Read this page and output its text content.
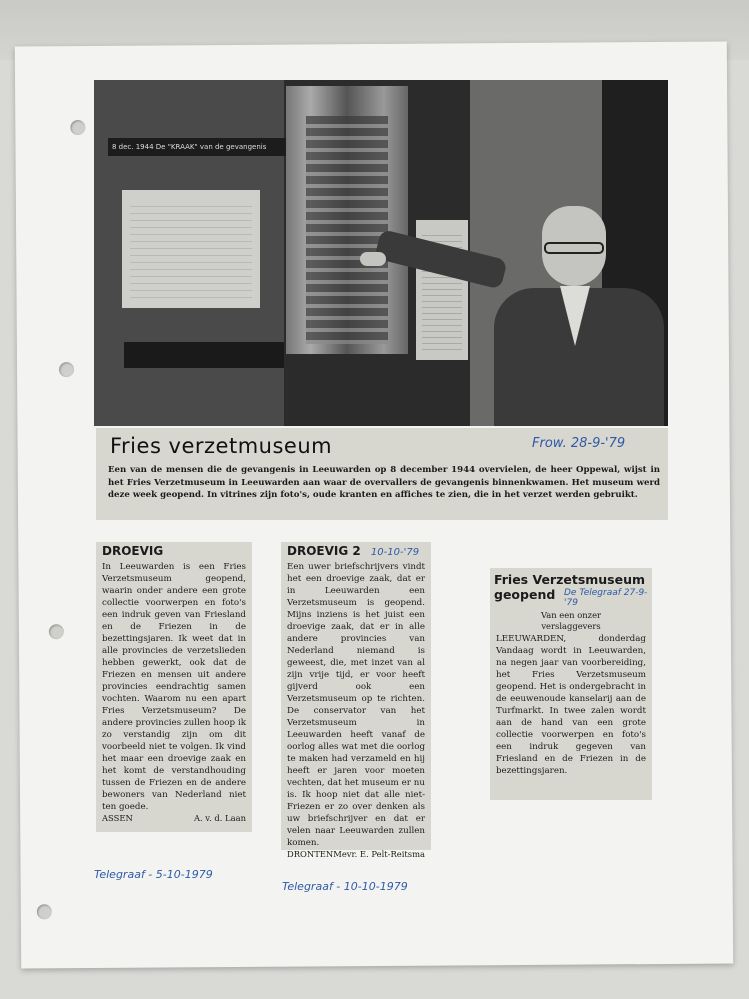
8 dec. 1944 De "KRAAK" van de gevangenis
Fries verzetmuseum	Frow. 28-9-'79
Een van de mensen die de gevangenis in Leeuwarden op 8 december 1944 overvielen, de heer Oppewal, wijst in het Fries Verzetmuseum in Leeuwarden aan waar de overvallers de gevangenis binnenkwamen. Het museum werd deze week geopend. In vitrines zijn foto's, oude kranten en affiches te zien, die in het verzet werden gebruikt.
DROEVIG
In Leeuwarden is een Fries Verzetsmuseum geopend, waarin onder andere een grote collectie voorwerpen en foto's een indruk geven van Friesland en de Friezen in de bezettingsjaren. Ik weet dat in alle provincies de verzetslieden hebben gewerkt, ook dat de Friezen en mensen uit andere provincies eendrachtig samen vochten. Waarom nu een apart Fries Verzetsmuseum? De andere provincies zullen hoop ik zo verstandig zijn om dit voorbeeld niet te volgen. Ik vind het maar een droevige zaak en het komt de verstandhouding tussen de Friezen en de andere bewoners van Nederland niet ten goede.
ASSEN	A. v. d. Laan
Telegraaf - 5-10-1979
DROEVIG 2 10-10-'79
Een uwer briefschrijvers vindt het een droevige zaak, dat er in Leeuwarden een Verzetsmuseum is geopend. Mijns inziens is het juist een droevige zaak, dat er in alle andere provincies van Nederland niemand is geweest, die, met inzet van al zijn vrije tijd, er voor heeft gijverd ook een Verzetsmuseum op te richten. De conservator van het Verzetsmuseum in Leeuwarden heeft vanaf de oorlog alles wat met die oorlog te maken had verzameld en hij heeft er jaren voor moeten vechten, dat het museum er nu is. Ik hoop niet dat alle niet-Friezen er zo over denken als uw briefschrijver en dat er velen naar Leeuwarden zullen komen.
DRONTEN Mevr. E. Pelt-Reitsma
Telegraaf - 10-10-1979
Fries Verzetsmuseum geopend De Telegraaf 27-9-'79
Van een onzer
verslaggevers
LEEUWARDEN, donderdag Vandaag wordt in Leeuwarden, na negen jaar van voorbereiding, het Fries Verzetsmuseum geopend. Het is ondergebracht in de eeuwenoude kanselarij aan de Turfmarkt. In twee zalen wordt aan de hand van een grote collectie voorwerpen en foto's een indruk gegeven van Friesland en de Friezen in de bezettingsjaren.
